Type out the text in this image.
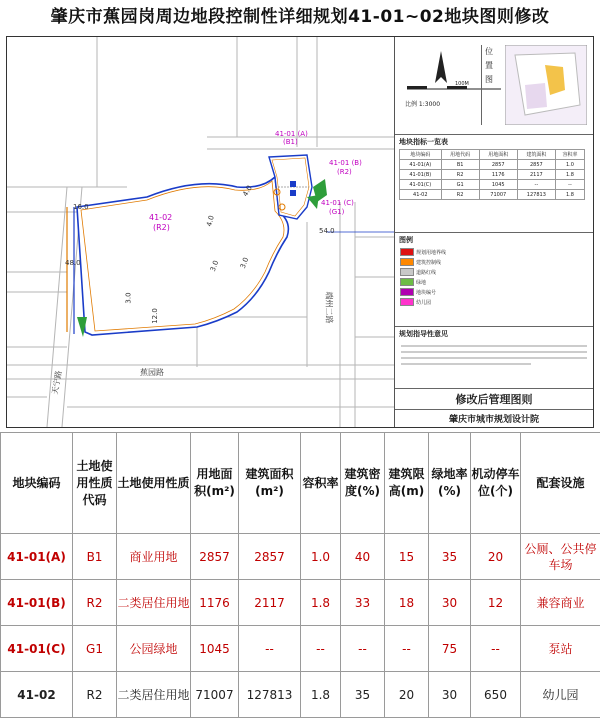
肇庆市蕉园岗周边地段控制性详细规划41-01~02地块图则修改
41-01 (A)
(B1)
41-01 (B)
(R2)
41-01 (C)
(G1)
41-02
(R2)
蕉园路
天宁路
端州二路
4.0
4.0
16.0
3.0	3.0
3.0
12.0
54.0
48.0
100M
比例 1:3000
位置图
地块指标一览表
地块编码	用地代码	用地面积	建筑面积	容积率
41-01(A)	B1	2857	2857	1.0
41-01(B)	R2	1176	2117	1.8
41-01(C)	G1	1045	--	--
41-02	R2	71007	127813	1.8
图例
规划用地界线
建筑控制线
道路红线
绿地
地块编号
幼儿园
规划指导性意见
修改后管理图则
肇庆市城市规划设计院
地块编码	土地使用性质代码	土地使用性质	用地面积(m²)	建筑面积(m²)	容积率	建筑密度(%)	建筑限高(m)	绿地率(%)	机动停车位(个)	配套设施
41-01(A)	B1	商业用地	2857	2857	1.0	40	15	35	20	公厕、公共停车场
41-01(B)	R2	二类居住用地	1176	2117	1.8	33	18	30	12	兼容商业
41-01(C)	G1	公园绿地	1045	--	--	--	--	75	--	泵站
41-02	R2	二类居住用地	71007	127813	1.8	35	20	30	650	幼儿园
